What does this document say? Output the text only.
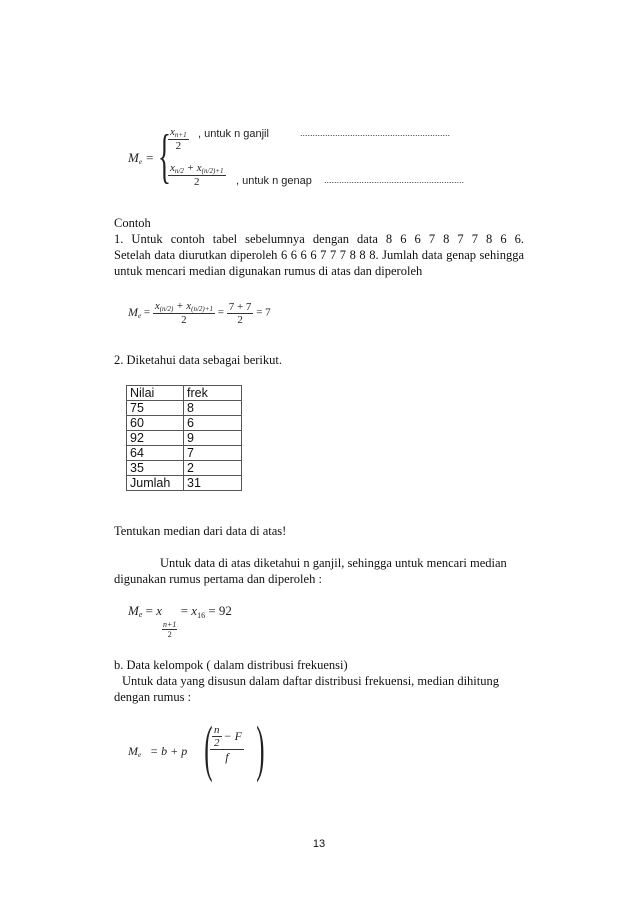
$M_e$ = {
$\frac{x_{n+1}}{2}$ , untuk n ganjil	............................................................
$\frac{x_{n/2} + x_{(n/2)+1}}{2}$ , untuk n genap ........................................................
Contoh
1. Untuk contoh tabel sebelumnya dengan data 8 6 6 7 8 7 7 8 6 6.
Setelah data diurutkan diperoleh 6 6 6 6 7 7 7 8 8 8. Jumlah data genap sehingga
untuk mencari median digunakan rumus di atas dan diperoleh
$M_e = \frac{x_{(n/2)} + x_{(n/2)+1}}{2} = \frac{7 + 7}{2} = 7$
2. Diketahui data sebagai berikut.
Nilai	frek
75	8
60	6
92	9
64	7
35	2
Jumlah	31
Tentukan median dari data di atas!
Untuk data di atas diketahui n ganjil, sehingga untuk mencari median
digunakan rumus pertama dan diperoleh :
$M_e = x$
$\frac{n+1}{2}$
= $x_{16} = 92$
b. Data kelompok ( dalam distribusi frekuensi)
Untuk data yang disusun dalam daftar distribusi frekuensi, median dihitung
dengan rumus :
$M_e = b + p$ ( $\frac{n}{2} - F$
f )
13
